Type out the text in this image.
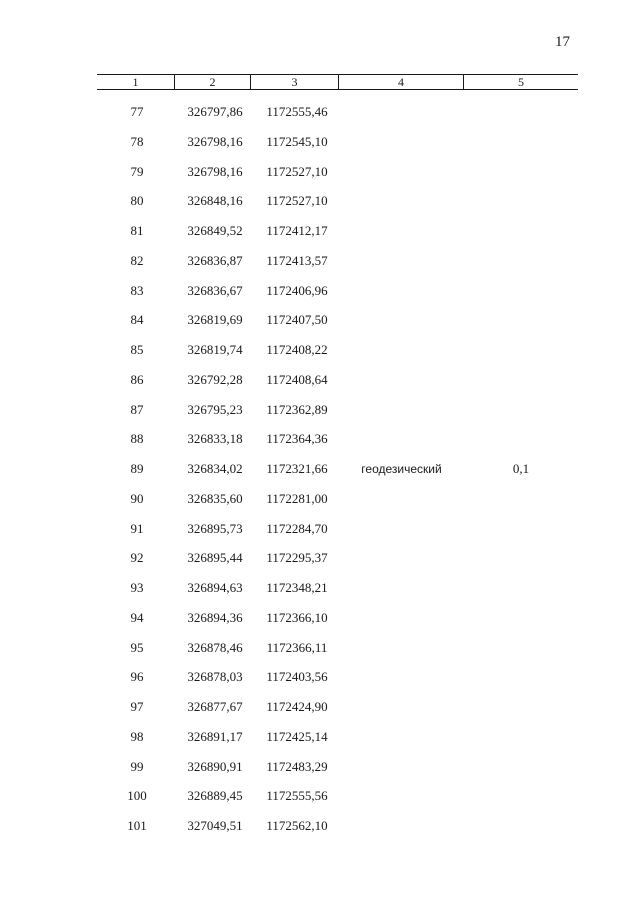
17
1	2	3	4	5
77	326797,86	1172555,46
78	326798,16	1172545,10
79	326798,16	1172527,10
80	326848,16	1172527,10
81	326849,52	1172412,17
82	326836,87	1172413,57
83	326836,67	1172406,96
84	326819,69	1172407,50
85	326819,74	1172408,22
86	326792,28	1172408,64
87	326795,23	1172362,89
88	326833,18	1172364,36
89	326834,02	1172321,66	геодезический	0,1
90	326835,60	1172281,00
91	326895,73	1172284,70
92	326895,44	1172295,37
93	326894,63	1172348,21
94	326894,36	1172366,10
95	326878,46	1172366,11
96	326878,03	1172403,56
97	326877,67	1172424,90
98	326891,17	1172425,14
99	326890,91	1172483,29
100	326889,45	1172555,56
101	327049,51	1172562,10
